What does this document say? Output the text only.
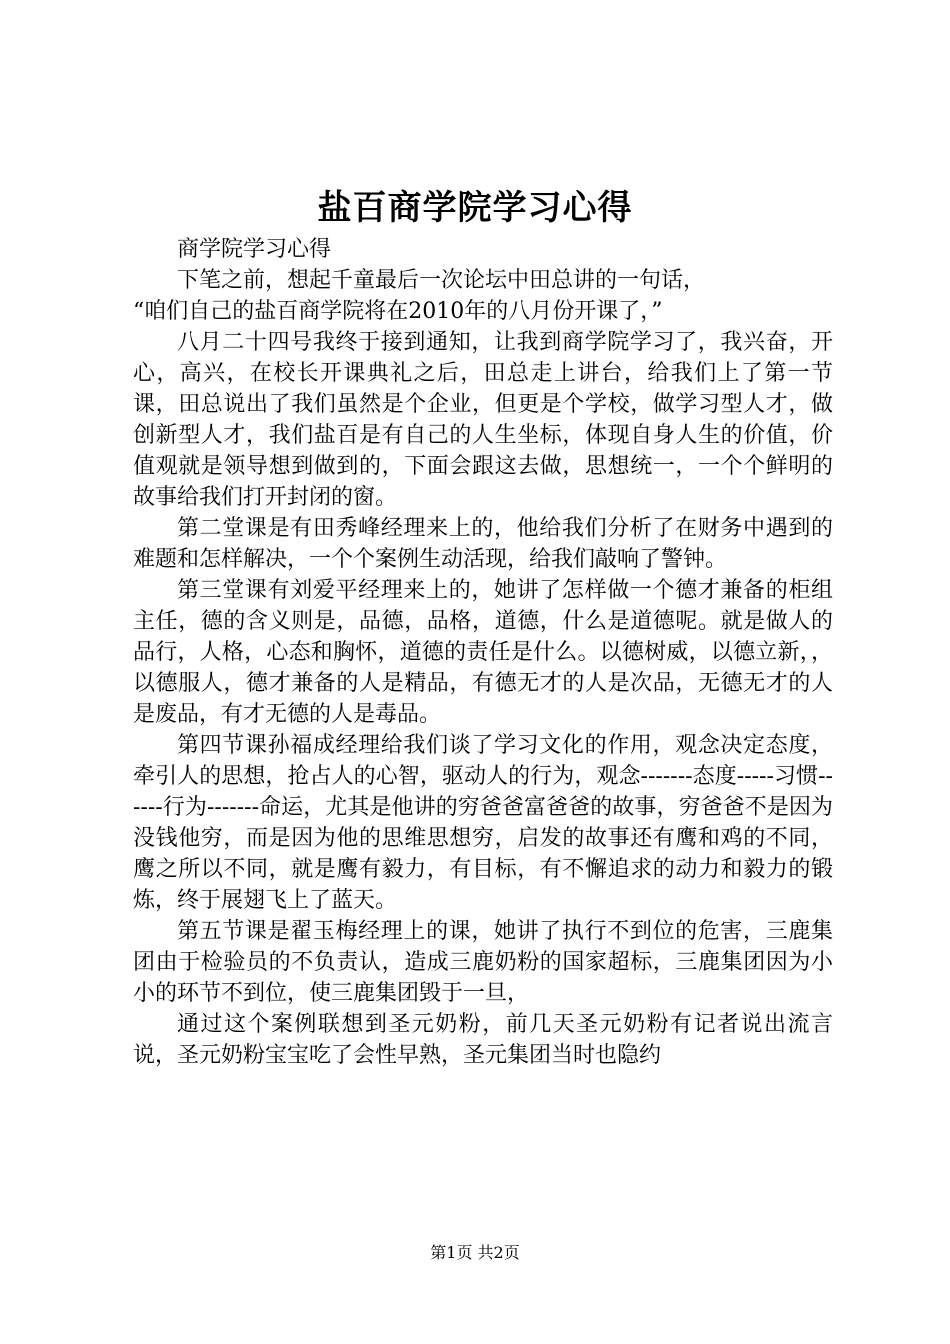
盐百商学院学习心得

商学院学习心得

下笔之前，想起千童最后一次论坛中田总讲的一句话，

“咱们自己的盐百商学院将在2010年的八月份开课了，”

八月二十四号我终于接到通知，让我到商学院学习了，我兴奋，开心，高兴，在校长开课典礼之后，田总走上讲台，给我们上了第一节课，田总说出了我们虽然是个企业，但更是个学校，做学习型人才，做创新型人才，我们盐百是有自己的人生坐标，体现自身人生的价值，价值观就是领导想到做到的，下面会跟这去做，思想统一，一个个鲜明的故事给我们打开封闭的窗。

第二堂课是有田秀峰经理来上的，他给我们分析了在财务中遇到的难题和怎样解决，一个个案例生动活现，给我们敲响了警钟。

第三堂课有刘爱平经理来上的，她讲了怎样做一个德才兼备的柜组主任，德的含义则是，品德，品格，道德，什么是道德呢。就是做人的品行，人格，心态和胸怀，道德的责任是什么。以德树威，以德立新，，以德服人，德才兼备的人是精品，有德无才的人是次品，无德无才的人是废品，有才无德的人是毒品。

第四节课孙福成经理给我们谈了学习文化的作用，观念决定态度，牵引人的思想，抢占人的心智，驱动人的行为，观念-------态度-----习惯------行为-------命运，尤其是他讲的穷爸爸富爸爸的故事，穷爸爸不是因为没钱他穷，而是因为他的思维思想穷，启发的故事还有鹰和鸡的不同，鹰之所以不同，就是鹰有毅力，有目标，有不懈追求的动力和毅力的锻炼，终于展翅飞上了蓝天。

第五节课是翟玉梅经理上的课，她讲了执行不到位的危害，三鹿集团由于检验员的不负责认，造成三鹿奶粉的国家超标，三鹿集团因为小小的环节不到位，使三鹿集团毁于一旦，

通过这个案例联想到圣元奶粉，前几天圣元奶粉有记者说出流言说，圣元奶粉宝宝吃了会性早熟，圣元集团当时也隐约

第1页 共2页
